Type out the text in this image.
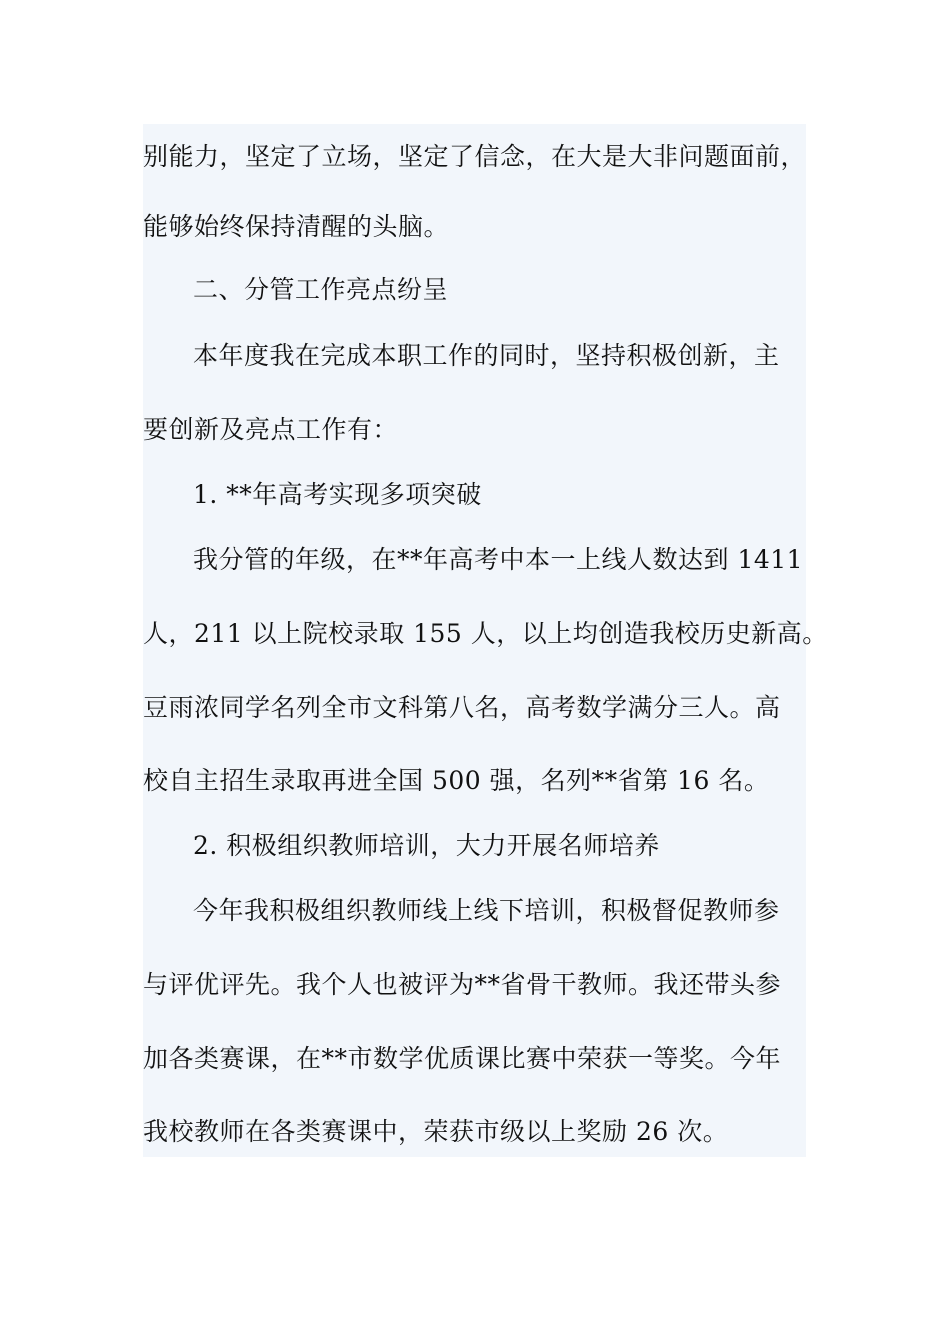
别能力，坚定了立场，坚定了信念，在大是大非问题面前，
能够始终保持清醒的头脑。
二、分管工作亮点纷呈
本年度我在完成本职工作的同时，坚持积极创新，主
要创新及亮点工作有：
1. **年高考实现多项突破
我分管的年级，在**年高考中本一上线人数达到 1411
人，211 以上院校录取 155 人，以上均创造我校历史新高。
豆雨浓同学名列全市文科第八名，高考数学满分三人。高
校自主招生录取再进全国 500 强，名列**省第 16 名。
2. 积极组织教师培训，大力开展名师培养
今年我积极组织教师线上线下培训，积极督促教师参
与评优评先。我个人也被评为**省骨干教师。我还带头参
加各类赛课，在**市数学优质课比赛中荣获一等奖。今年
我校教师在各类赛课中，荣获市级以上奖励 26 次。
